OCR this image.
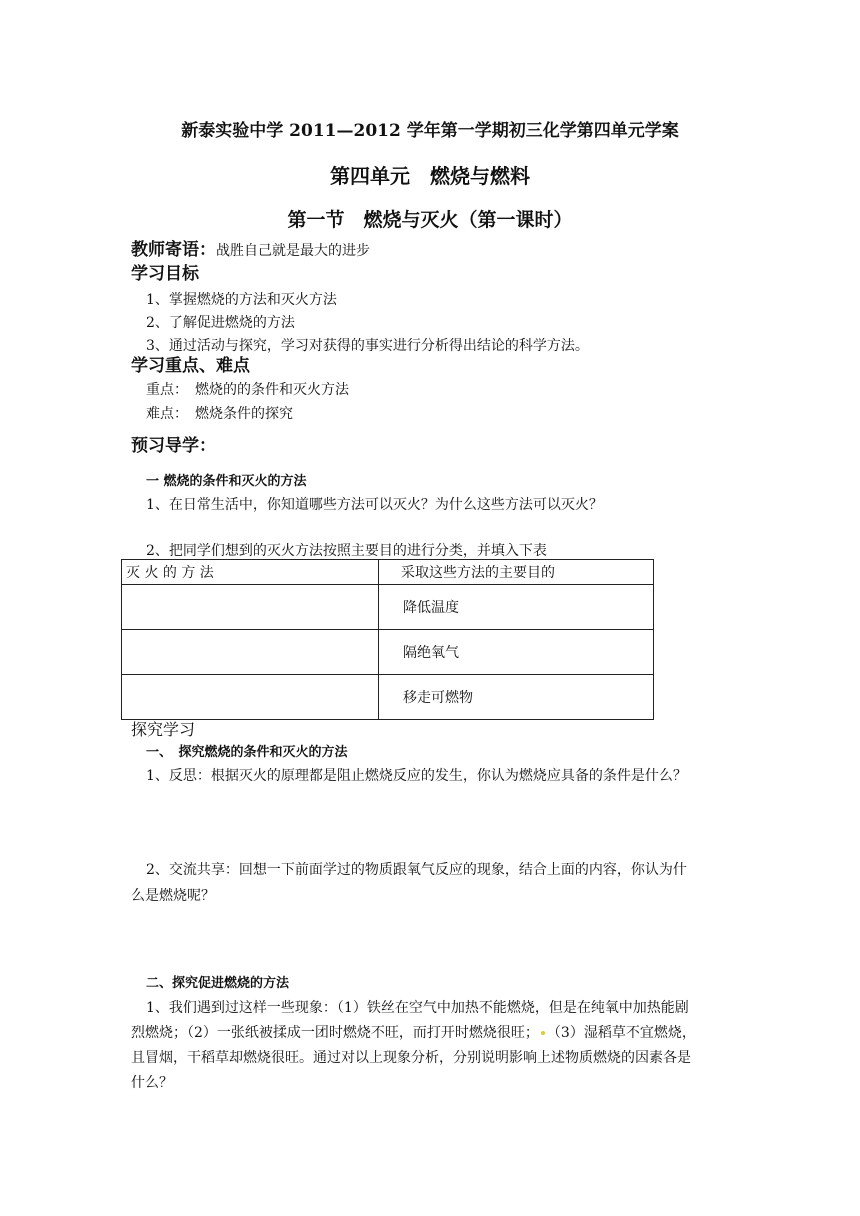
新泰实验中学 2011—2012 学年第一学期初三化学第四单元学案
第四单元　燃烧与燃料
第一节　燃烧与灭火（第一课时）
教师寄语：战胜自己就是最大的进步
学习目标
1、掌握燃烧的方法和灭火方法
2、了解促进燃烧的方法
3、通过活动与探究，学习对获得的事实进行分析得出结论的科学方法。
学习重点、难点
重点：　燃烧的的条件和灭火方法
难点：　燃烧条件的探究
预习导学：
一 燃烧的条件和灭火的方法
1、在日常生活中，你知道哪些方法可以灭火？为什么这些方法可以灭火？
2、把同学们想到的灭火方法按照主要目的进行分类，并填入下表
灭 火 的 方 法	采取这些方法的主要目的
	降低温度
	隔绝氧气
	移走可燃物
探究学习
一、　探究燃烧的条件和灭火的方法
1、反思：根据灭火的原理都是阻止燃烧反应的发生，你认为燃烧应具备的条件是什么？
2、交流共享：回想一下前面学过的物质跟氧气反应的现象，结合上面的内容，你认为什
么是燃烧呢？
二、探究促进燃烧的方法
1、我们遇到过这样一些现象：（1）铁丝在空气中加热不能燃烧，但是在纯氧中加热能剧
烈燃烧；（2）一张纸被揉成一团时燃烧不旺，而打开时燃烧很旺； （3）湿稻草不宜燃烧，
且冒烟，干稻草却燃烧很旺。通过对以上现象分析，分别说明影响上述物质燃烧的因素各是
什么？
